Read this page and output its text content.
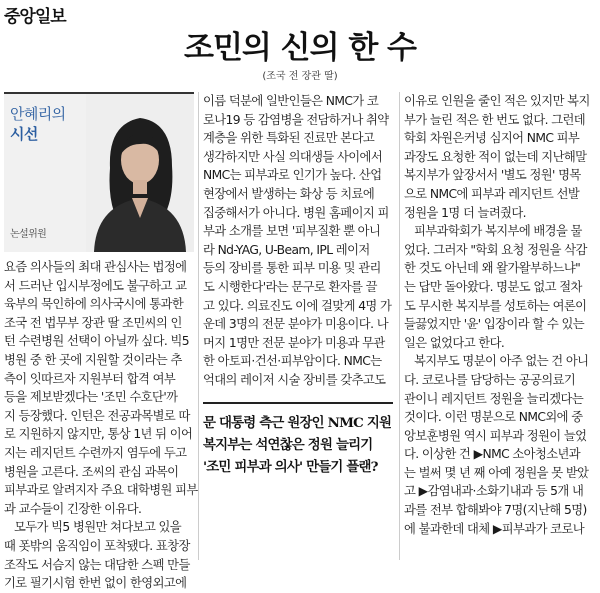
중앙일보
조민의 신의 한 수
(조국 전 장관 딸)
안혜리의
시선
논설위원

요즘 의사들의 최대 관심사는 법정에

서 드러난 입시부정에도 불구하고 교

육부의 묵인하에 의사국시에 통과한

조국 전 법무부 장관 딸 조민씨의 인

턴 수련병원 선택이 아닐까 싶다. 빅5

병원 중 한 곳에 지원할 것이라는 추

측이 잇따르자 지원부터 합격 여부

등을 제보받겠다는 '조민 수호단'까

지 등장했다. 인턴은 전공과목별로 따

로 지원하지 않지만, 통상 1년 뒤 이어

지는 레지던트 수련까지 염두에 두고

병원을 고른다. 조씨의 관심 과목이

피부과로 알려지자 주요 대학병원 피부

과 교수들이 긴장한 이유다.

모두가 빅5 병원만 쳐다보고 있을

때 폿밖의 움직임이 포착됐다. 표창장

조작도 서슴지 않는 대담한 스펙 만들

기로 필기시험 한번 없이 한영외고에

이름 덕분에 일반인들은 NMC가 코

로나19 등 감염병을 전담하거나 취약

계층을 위한 특화된 진료만 본다고

생각하지만 사실 의대생들 사이에서

NMC는 피부과로 인기가 높다. 산업

현장에서 발생하는 화상 등 치료에

집중해서가 아니다. 병원 홈페이지 피

부과 소개를 보면 '피부질환 뿐 아니

라 Nd-YAG, U-Beam, IPL 레이저

등의 장비를 통한 피부 미용 및 관리

도 시행한다'라는 문구로 환자를 끌

고 있다. 의료진도 이에 걸맞게 4명 가

운데 3명의 전문 분야가 미용이다. 나

머지 1명만 전문 분야가 미용과 무관

한 아토피·건선·피부암이다. NMC는

억대의 레이저 시술 장비를 갖추고도

문 대통령 측근 원장인 NMC 지원

복지부는 석연찮은 정원 늘리기

'조민 피부과 의사' 만들기 플랜?

이유로 인원을 줄인 적은 있지만 복지

부가 늘린 적은 한 번도 없다. 그런데

학회 차원은커녕 심지어 NMC 피부

과장도 요청한 적이 없는데 지난해말

복지부가 앞장서서 '별도 정원' 명목

으로 NMC에 피부과 레지던트 선발

정원을 1명 더 늘려줬다.

피부과학회가 복지부에 배경을 물

었다. 그러자 "학회 요청 정원을 삭감

한 것도 아닌데 왜 왈가왈부하느냐"

는 답만 돌아왔다. 명분도 없고 절차

도 무시한 복지부를 성토하는 여론이

들끓었지만 '윤' 입장이라 할 수 있는

일은 없었다고 한다.

복지부도 명분이 아주 없는 건 아니

다. 코로나를 담당하는 공공의료기

관이니 레지던트 정원을 늘리겠다는

것이다. 이런 명분으로 NMC외에 중

앙보훈병원 역시 피부과 정원이 늘었

다. 이상한 건 ▶NMC 소아청소년과

는 벌써 몇 년 째 아예 정원을 못 받았

고 ▶감염내과·소화기내과 등 5개 내

과를 전부 합해봐야 7명(지난해 5명)

에 불과한데 대체 ▶피부과가 코로나
